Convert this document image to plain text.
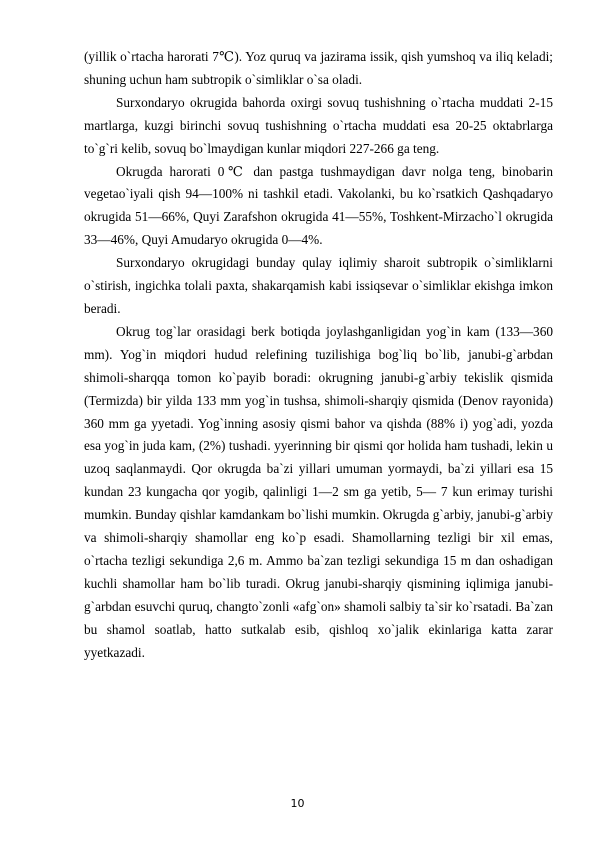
(yillik o`rtacha harorati 7℃). Yoz quruq va jazirama issik, qish yumshoq va iliq keladi; shuning uchun ham subtropik o`simliklar o`sa oladi.

Surxondaryo okrugida bahorda oxirgi sovuq tushishning o`rtacha muddati 2-15 martlarga, kuzgi birinchi sovuq tushishning o`rtacha muddati esa 20-25 oktabrlarga to`g`ri kelib, sovuq bo`lmaydigan kunlar miqdori 227-266 ga teng.

Okrugda harorati 0℃ dan pastga tushmaydigan davr nolga teng, binobarin vegetao`iyali qish 94—100% ni tashkil etadi. Vakolanki, bu ko`rsatkich Qashqadaryo okrugida 51—66%, Quyi Zarafshon okrugida 41—55%, Toshkent-Mirzacho`l okrugida 33—46%, Quyi Amudaryo okrugida 0—4%.

Surxondaryo okrugidagi bunday qulay iqlimiy sharoit subtropik o`simliklarni o`stirish, ingichka tolali paxta, shakarqamish kabi issiqsevar o`simliklar ekishga imkon beradi.

Okrug tog`lar orasidagi berk botiqda joylashganligidan yog`in kam (133—360 mm). Yog`in miqdori hudud relefining tuzilishiga bog`liq bo`lib, janubi-g`arbdan shimoli-sharqqa tomon ko`payib boradi: okrugning janubi-g`arbiy tekislik qismida (Termizda) bir yilda 133 mm yog`in tushsa, shimoli-sharqiy qismida (Denov rayonida) 360 mm ga yyetadi. Yog`inning asosiy qismi bahor va qishda (88% i) yog`adi, yozda esa yog`in juda kam, (2%) tushadi. yyerinning bir qismi qor holida ham tushadi, lekin u uzoq saqlanmaydi. Qor okrugda ba`zi yillari umuman yormaydi, ba`zi yillari esa 15 kundan 23 kungacha qor yogib, qalinligi 1—2 sm ga yetib, 5— 7 kun erimay turishi mumkin. Bunday qishlar kamdankam bo`lishi mumkin. Okrugda g`arbiy, janubi-g`arbiy va shimoli-sharqiy shamollar eng ko`p esadi. Shamollarning tezligi bir xil emas, o`rtacha tezligi sekundiga 2,6 m. Ammo ba`zan tezligi sekundiga 15 m dan oshadigan kuchli shamollar ham bo`lib turadi. Okrug janubi-sharqiy qismining iqlimiga janubi-g`arbdan esuvchi quruq, changto`zonli «afg`on» shamoli salbiy ta`sir ko`rsatadi. Ba`zan bu shamol soatlab, hatto sutkalab esib, qishloq xo`jalik ekinlariga katta zarar yyetkazadi.

10
